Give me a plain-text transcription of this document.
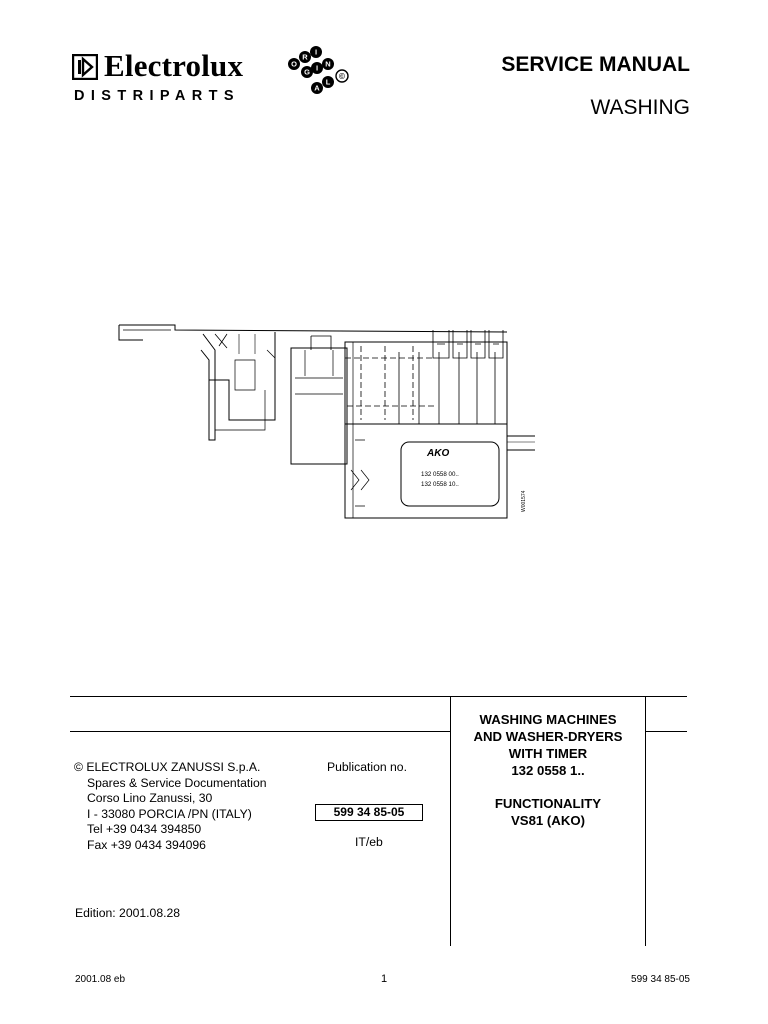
Electrolux
DISTRIPARTS
O
R
I
G I N
A
L
©
SERVICE MANUAL
WASHING
AKO
132 0558 00..
132 0558 10..
W001574
© ELECTROLUX ZANUSSI S.p.A.
Spares & Service Documentation
Corso Lino Zanussi, 30
I - 33080 PORCIA /PN (ITALY)
Tel +39 0434 394850
Fax +39 0434 394096
Publication no.
599 34 85-05
IT/eb
Edition: 2001.08.28
WASHING MACHINES
AND WASHER-DRYERS
WITH TIMER
132 0558 1..
FUNCTIONALITY
VS81 (AKO)
2001.08 eb	1	599 34 85-05
